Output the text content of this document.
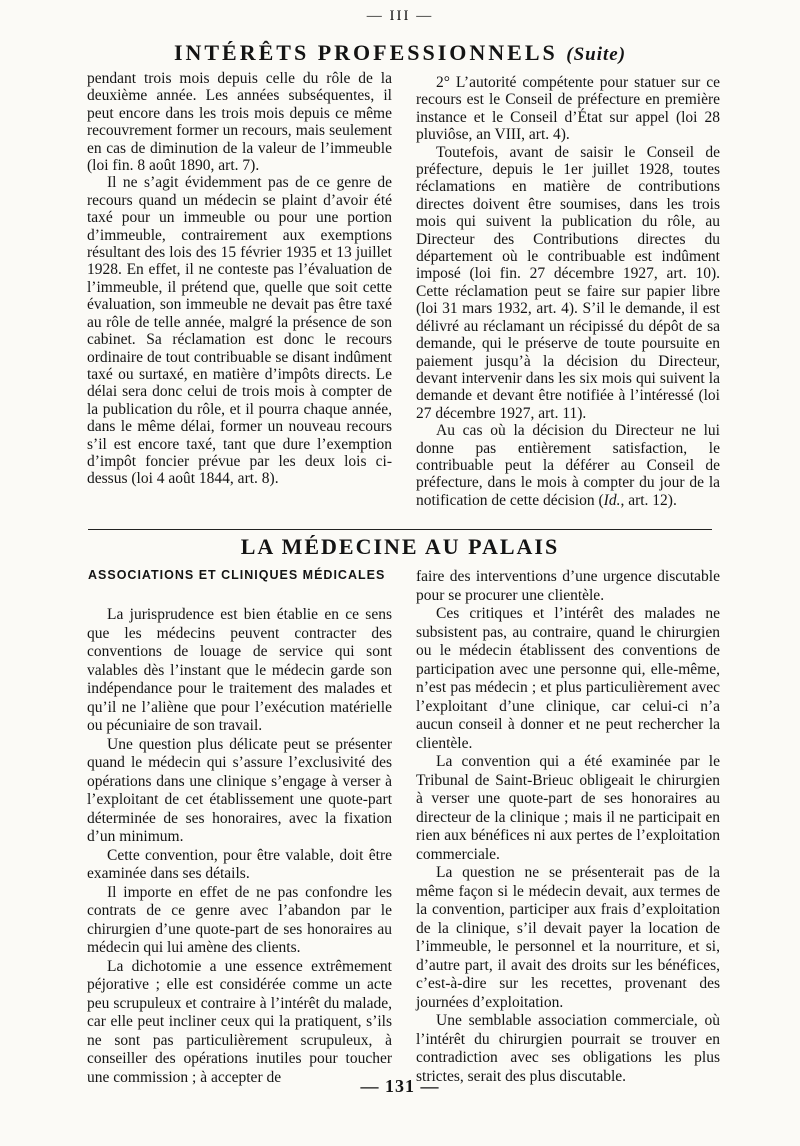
— III —
INTÉRÊTS PROFESSIONNELS (Suite)

pendant trois mois depuis celle du rôle de la deuxième année. Les années subséquentes, il peut encore dans les trois mois depuis ce même recouvrement former un recours, mais seulement en cas de diminution de la valeur de l’immeuble (loi fin. 8 août 1890, art. 7).

Il ne s’agit évidemment pas de ce genre de recours quand un médecin se plaint d’avoir été taxé pour un immeuble ou pour une portion d’immeuble, contrairement aux exemptions résultant des lois des 15 février 1935 et 13 juillet 1928. En effet, il ne conteste pas l’évaluation de l’immeuble, il prétend que, quelle que soit cette évaluation, son immeuble ne devait pas être taxé au rôle de telle année, malgré la présence de son cabinet. Sa réclamation est donc le recours ordinaire de tout contribuable se disant indûment taxé ou surtaxé, en matière d’impôts directs. Le délai sera donc celui de trois mois à compter de la publication du rôle, et il pourra chaque année, dans le même délai, former un nouveau recours s’il est encore taxé, tant que dure l’exemption d’impôt foncier prévue par les deux lois ci-dessus (loi 4 août 1844, art. 8).

2° L’autorité compétente pour statuer sur ce recours est le Conseil de préfecture en première instance et le Conseil d’État sur appel (loi 28 pluviôse, an VIII, art. 4).

Toutefois, avant de saisir le Conseil de préfecture, depuis le 1er juillet 1928, toutes réclamations en matière de contributions directes doivent être soumises, dans les trois mois qui suivent la publication du rôle, au Directeur des Contributions directes du département où le contribuable est indûment imposé (loi fin. 27 décembre 1927, art. 10). Cette réclamation peut se faire sur papier libre (loi 31 mars 1932, art. 4). S’il le demande, il est délivré au réclamant un récipissé du dépôt de sa demande, qui le préserve de toute poursuite en paiement jusqu’à la décision du Directeur, devant intervenir dans les six mois qui suivent la demande et devant être notifiée à l’intéressé (loi 27 décembre 1927, art. 11).

Au cas où la décision du Directeur ne lui donne pas entièrement satisfaction, le contribuable peut la déférer au Conseil de préfecture, dans le mois à compter du jour de la notification de cette décision (Id., art. 12).

LA MÉDECINE AU PALAIS
ASSOCIATIONS ET CLINIQUES MÉDICALES

La jurisprudence est bien établie en ce sens que les médecins peuvent contracter des conventions de louage de service qui sont valables dès l’instant que le médecin garde son indépendance pour le traitement des malades et qu’il ne l’aliène que pour l’exécution matérielle ou pécuniaire de son travail.

Une question plus délicate peut se présenter quand le médecin qui s’assure l’exclusivité des opérations dans une clinique s’engage à verser à l’exploitant de cet établissement une quote-part déterminée de ses honoraires, avec la fixation d’un minimum.

Cette convention, pour être valable, doit être examinée dans ses détails.

Il importe en effet de ne pas confondre les contrats de ce genre avec l’abandon par le chirurgien d’une quote-part de ses honoraires au médecin qui lui amène des clients.

La dichotomie a une essence extrêmement péjorative ; elle est considérée comme un acte peu scrupuleux et contraire à l’intérêt du malade, car elle peut incliner ceux qui la pratiquent, s’ils ne sont pas particulièrement scrupuleux, à conseiller des opérations inutiles pour toucher une commission ; à accepter de

faire des interventions d’une urgence discutable pour se procurer une clientèle.

Ces critiques et l’intérêt des malades ne subsistent pas, au contraire, quand le chirurgien ou le médecin établissent des conventions de participation avec une personne qui, elle-même, n’est pas médecin ; et plus particulièrement avec l’exploitant d’une clinique, car celui-ci n’a aucun conseil à donner et ne peut rechercher la clientèle.

La convention qui a été examinée par le Tribunal de Saint-Brieuc obligeait le chirurgien à verser une quote-part de ses honoraires au directeur de la clinique ; mais il ne participait en rien aux bénéfices ni aux pertes de l’exploitation commerciale.

La question ne se présenterait pas de la même façon si le médecin devait, aux termes de la convention, participer aux frais d’exploitation de la clinique, s’il devait payer la location de l’immeuble, le personnel et la nourriture, et si, d’autre part, il avait des droits sur les bénéfices, c’est-à-dire sur les recettes, provenant des journées d’exploitation.

Une semblable association commerciale, où l’intérêt du chirurgien pourrait se trouver en contradiction avec ses obligations les plus strictes, serait des plus discutable.

— 131 —
